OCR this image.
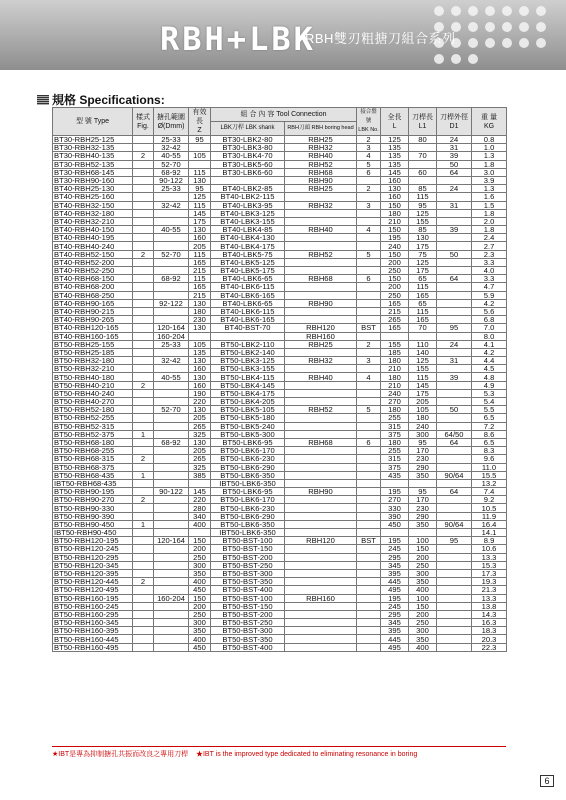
RBH+LBK
RBH雙刃粗搪刀組合系列
規格 Specifications:
型 號 Type	樣式
Fig.	搪孔範圍
Ø(Dmm)	有效長
Z	組 合 內 容 Tool Connection		接合盤號
LBK No.	全長
L	刀桿長
L1	刀桿外徑
D1	重 量
KG
				LBK刀桿 LBK shank	RBH刀頭 RBH boring head					
BT30-RBH25-125		25-33	95	BT30-LBK2-80	RBH25	2	125	80	24	0.8
BT30-RBH32-135		32-42		BT30-LBK3-80	RBH32	3	135		31	1.0
BT30-RBH40-135	2	40-55	105	BT30-LBK4-70	RBH40	4	135	70	39	1.3
BT30-RBH52-135		52-70		BT30-LBK5-60	RBH52	5	135		50	1.8
BT30-RBH68-145		68-92	115	BT30-LBK6-60	RBH68	6	145	60	64	3.0
BT30-RBH90-160		90-122	130		RBH90		160			3.9
BT40-RBH25-130		25-33	95	BT40-LBK2-85	RBH25	2	130	85	24	1.3
BT40-RBH25-160			125	BT40-LBK2-115			160	115		1.6
BT40-RBH32-150		32-42	115	BT40-LBK3-95	RBH32	3	150	95	31	1.5
BT40-RBH32-180			145	BT40-LBK3-125			180	125		1.8
BT40-RBH32-210			175	BT40-LBK3-155			210	155		2.0
BT40-RBH40-150		40-55	130	BT40-LBK4-85	RBH40	4	150	85	39	1.8
BT40-RBH40-195			160	BT40-LBK4-130			195	130		2.4
BT40-RBH40-240			205	BT40-LBK4-175			240	175		2.7
BT40-RBH52-150	2	52-70	115	BT40-LBK5-75	RBH52	5	150	75	50	2.3
BT40-RBH52-200			165	BT40-LBK5-125			200	125		3.3
BT40-RBH52-250			215	BT40-LBK5-175			250	175		4.0
BT40-RBH68-150		68-92	115	BT40-LBK6-65	RBH68	6	150	65	64	3.3
BT40-RBH68-200			165	BT40-LBK6-115			200	115		4.7
BT40-RBH68-250			215	BT40-LBK6-165			250	165		5.9
BT40-RBH90-165		92-122	130	BT40-LBK6-65	RBH90		165	65		4.2
BT40-RBH90-215			180	BT40-LBK6-115			215	115		5.6
BT40-RBH90-265			230	BT40-LBK6-165			265	165		6.8
BT40-RBH120-165		120-164	130	BT40-BST-70	RBH120	BST	165	70	95	7.0
BT40-RBH160-165		160-204			RBH160					8.0
BT50-RBH25-155		25-33	105	BT50-LBK2-110	RBH25	2	155	110	24	4.1
BT50-RBH25-185			135	BT50-LBK2-140			185	140		4.2
BT50-RBH32-180		32-42	130	BT50-LBK3-125	RBH32	3	180	125	31	4.4
BT50-RBH32-210			160	BT50-LBK3-155			210	155		4.5
BT50-RBH40-180		40-55	130	BT50-LBK4-115	RBH40	4	180	115	39	4.8
BT50-RBH40-210	2		160	BT50-LBK4-145			210	145		4.9
BT50-RBH40-240			190	BT50-LBK4-175			240	175		5.3
BT50-RBH40-270			220	BT50-LBK4-205			270	205		5.4
BT50-RBH52-180		52-70	130	BT50-LBK5-105	RBH52	5	180	105	50	5.5
BT50-RBH52-255			205	BT50-LBK5-180			255	180		6.5
BT50-RBH52-315			265	BT50-LBK5-240			315	240		7.2
BT50-RBH52-375	1		325	BT50-LBK5-300			375	300	64/50	8.6
BT50-RBH68-180		68-92	130	BT50-LBK6-95	RBH68	6	180	95	64	6.5
BT50-RBH68-255			205	BT50-LBK6-170			255	170		8.3
BT50-RBH68-315	2		265	BT50-LBK6-230			315	230		9.6
BT50-RBH68-375			325	BT50-LBK6-290			375	290		11.0
BT50-RBH68-435	1		385	BT50-LBK6-350			435	350	90/64	15.5
IBT50-RBH68-435				IBT50-LBK6-350						13.2
BT50-RBH90-195		90-122	145	BT50-LBK6-95	RBH90		195	95	64	7.4
BT50-RBH90-270	2		220	BT50-LBK6-170			270	170		9.2
BT50-RBH90-330			280	BT50-LBK6-230			330	230		10.5
BT50-RBH90-390			340	BT50-LBK6-290			390	290		11.9
BT50-RBH90-450	1		400	BT50-LBK6-350			450	350	90/64	16.4
IBT50-RBH90-450				IBT50-LBK6-350						14.1
BT50-RBH120-195		120-164	150	BT50-BST-100	RBH120	BST	195	100	95	8.9
BT50-RBH120-245			200	BT50-BST-150			245	150		10.6
BT50-RBH120-295			250	BT50-BST-200			295	200		13.3
BT50-RBH120-345			300	BT50-BST-250			345	250		15.3
BT50-RBH120-395			350	BT50-BST-300			395	300		17.3
BT50-RBH120-445	2		400	BT50-BST-350			445	350		19.3
BT50-RBH120-495			450	BT50-BST-400			495	400		21.3
BT50-RBH160-195		160-204	150	BT50-BST-100	RBH160		195	100		13.3
BT50-RBH160-245			200	BT50-BST-150			245	150		13.8
BT50-RBH160-295			250	BT50-BST-200			295	200		14.3
BT50-RBH160-345			300	BT50-BST-250			345	250		16.3
BT50-RBH160-395			350	BT50-BST-300			395	300		18.3
BT50-RBH160-445			400	BT50-BST-350			445	350		20.3
BT50-RBH160-495			450	BT50-BST-400			495	400		22.3
★IBT是專為抑制搪孔共振而改良之專用刀桿 ★IBT is the improved type dedicated to eliminating resonance in boring
6
